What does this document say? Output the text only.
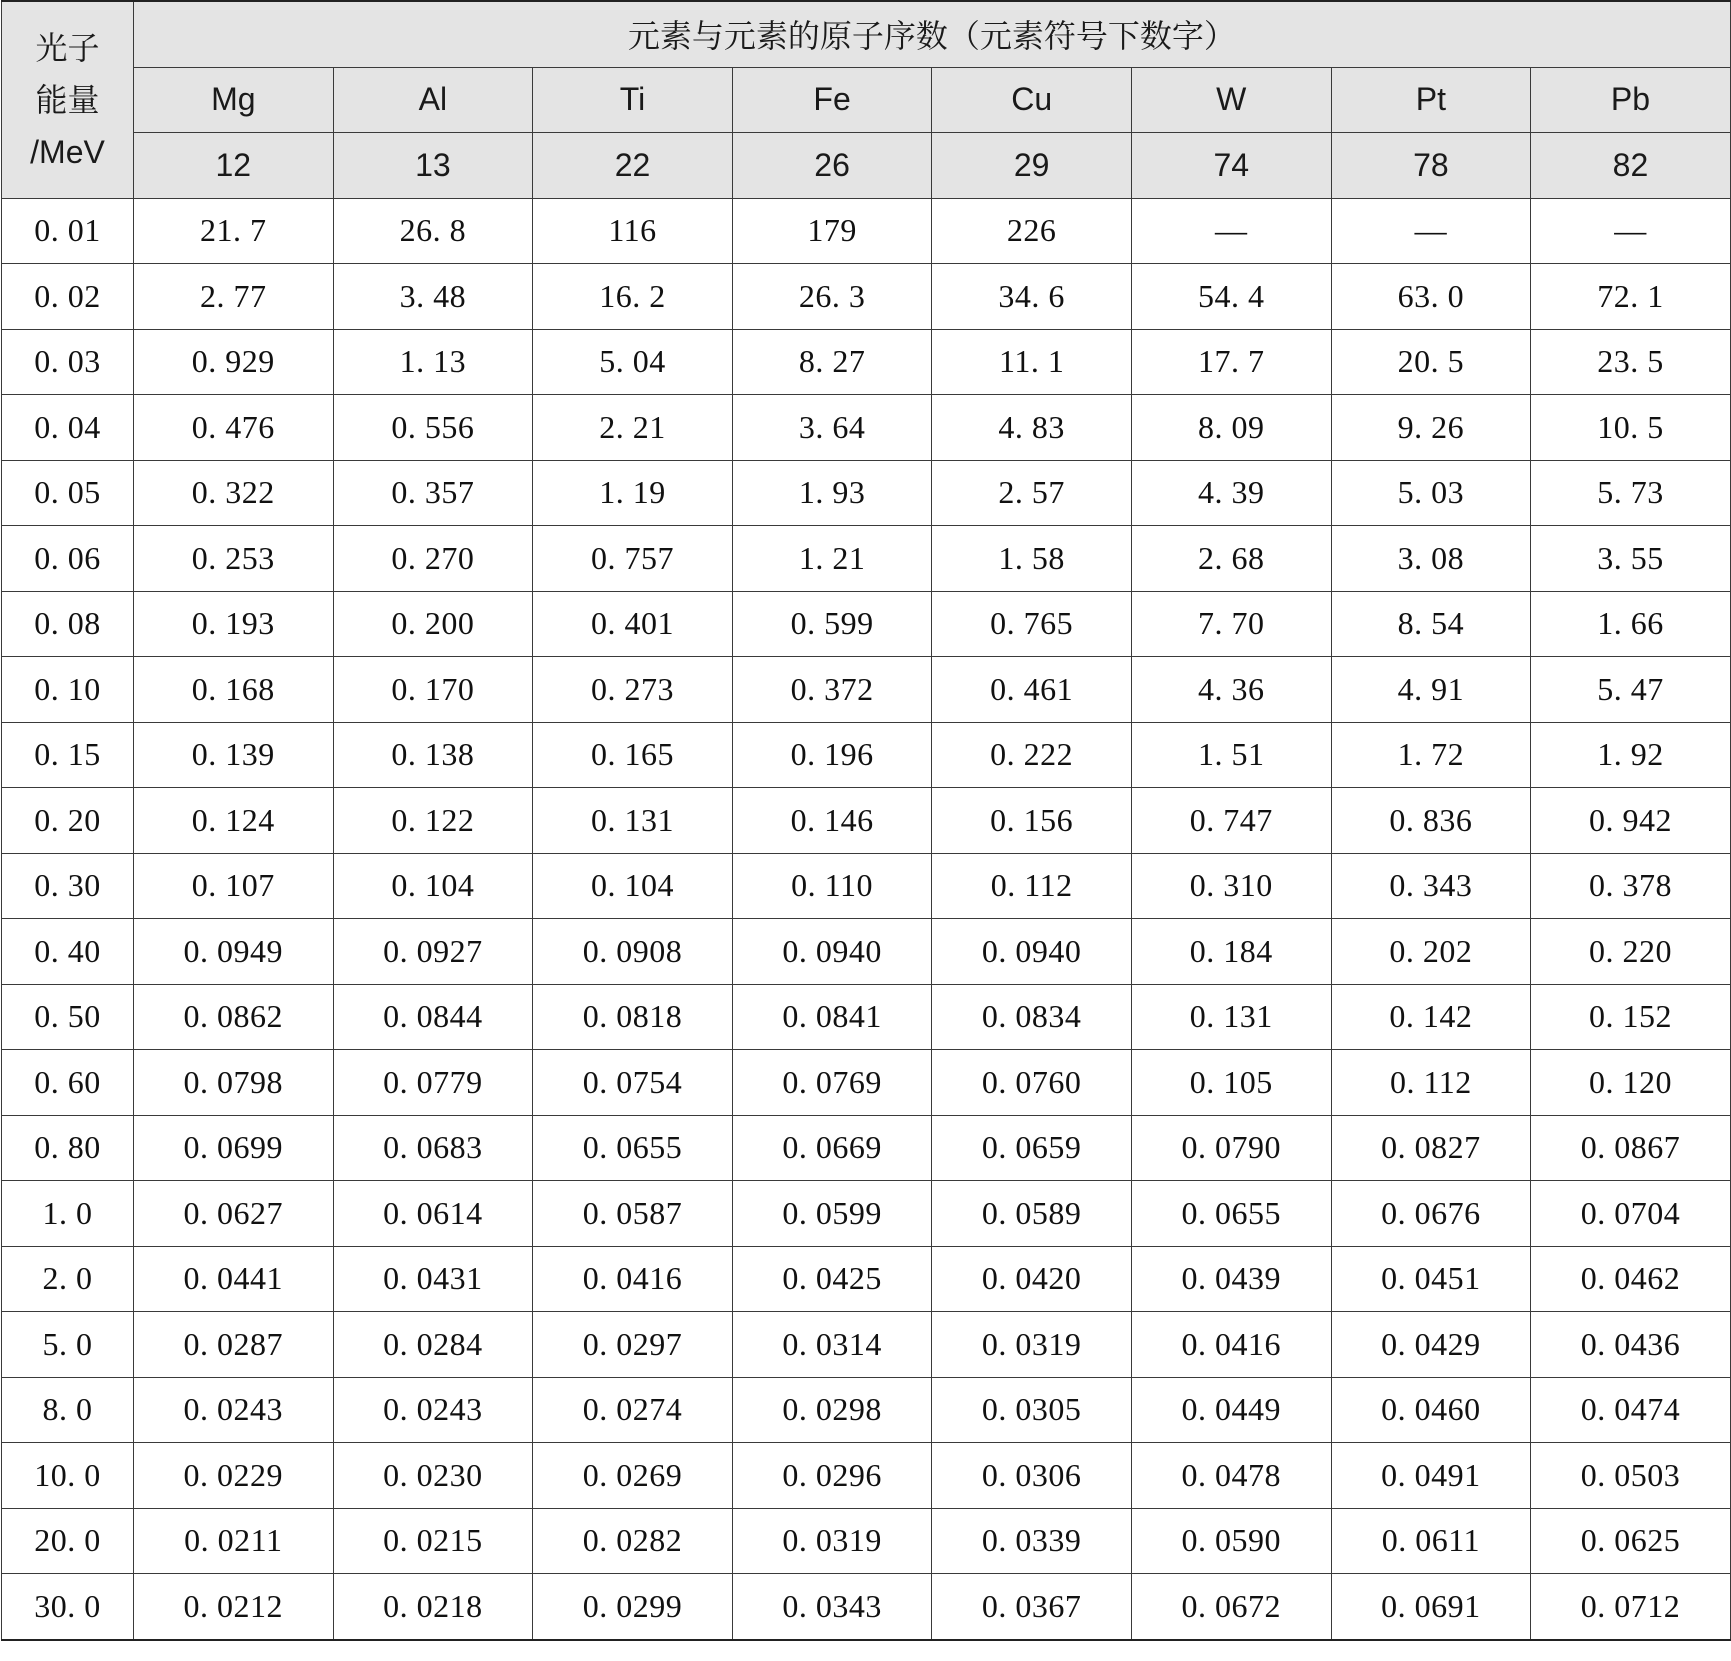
光子
能量
/MeV	元素与元素的原子序数（元素符号下数字）							
	Mg	Al	Ti	Fe	Cu	W	Pt	Pb
	12	13	22	26	29	74	78	82
0. 01	21. 7	26. 8	116	179	226	—	—	—
0. 02	2. 77	3. 48	16. 2	26. 3	34. 6	54. 4	63. 0	72. 1
0. 03	0. 929	1. 13	5. 04	8. 27	11. 1	17. 7	20. 5	23. 5
0. 04	0. 476	0. 556	2. 21	3. 64	4. 83	8. 09	9. 26	10. 5
0. 05	0. 322	0. 357	1. 19	1. 93	2. 57	4. 39	5. 03	5. 73
0. 06	0. 253	0. 270	0. 757	1. 21	1. 58	2. 68	3. 08	3. 55
0. 08	0. 193	0. 200	0. 401	0. 599	0. 765	7. 70	8. 54	1. 66
0. 10	0. 168	0. 170	0. 273	0. 372	0. 461	4. 36	4. 91	5. 47
0. 15	0. 139	0. 138	0. 165	0. 196	0. 222	1. 51	1. 72	1. 92
0. 20	0. 124	0. 122	0. 131	0. 146	0. 156	0. 747	0. 836	0. 942
0. 30	0. 107	0. 104	0. 104	0. 110	0. 112	0. 310	0. 343	0. 378
0. 40	0. 0949	0. 0927	0. 0908	0. 0940	0. 0940	0. 184	0. 202	0. 220
0. 50	0. 0862	0. 0844	0. 0818	0. 0841	0. 0834	0. 131	0. 142	0. 152
0. 60	0. 0798	0. 0779	0. 0754	0. 0769	0. 0760	0. 105	0. 112	0. 120
0. 80	0. 0699	0. 0683	0. 0655	0. 0669	0. 0659	0. 0790	0. 0827	0. 0867
1. 0	0. 0627	0. 0614	0. 0587	0. 0599	0. 0589	0. 0655	0. 0676	0. 0704
2. 0	0. 0441	0. 0431	0. 0416	0. 0425	0. 0420	0. 0439	0. 0451	0. 0462
5. 0	0. 0287	0. 0284	0. 0297	0. 0314	0. 0319	0. 0416	0. 0429	0. 0436
8. 0	0. 0243	0. 0243	0. 0274	0. 0298	0. 0305	0. 0449	0. 0460	0. 0474
10. 0	0. 0229	0. 0230	0. 0269	0. 0296	0. 0306	0. 0478	0. 0491	0. 0503
20. 0	0. 0211	0. 0215	0. 0282	0. 0319	0. 0339	0. 0590	0. 0611	0. 0625
30. 0	0. 0212	0. 0218	0. 0299	0. 0343	0. 0367	0. 0672	0. 0691	0. 0712
